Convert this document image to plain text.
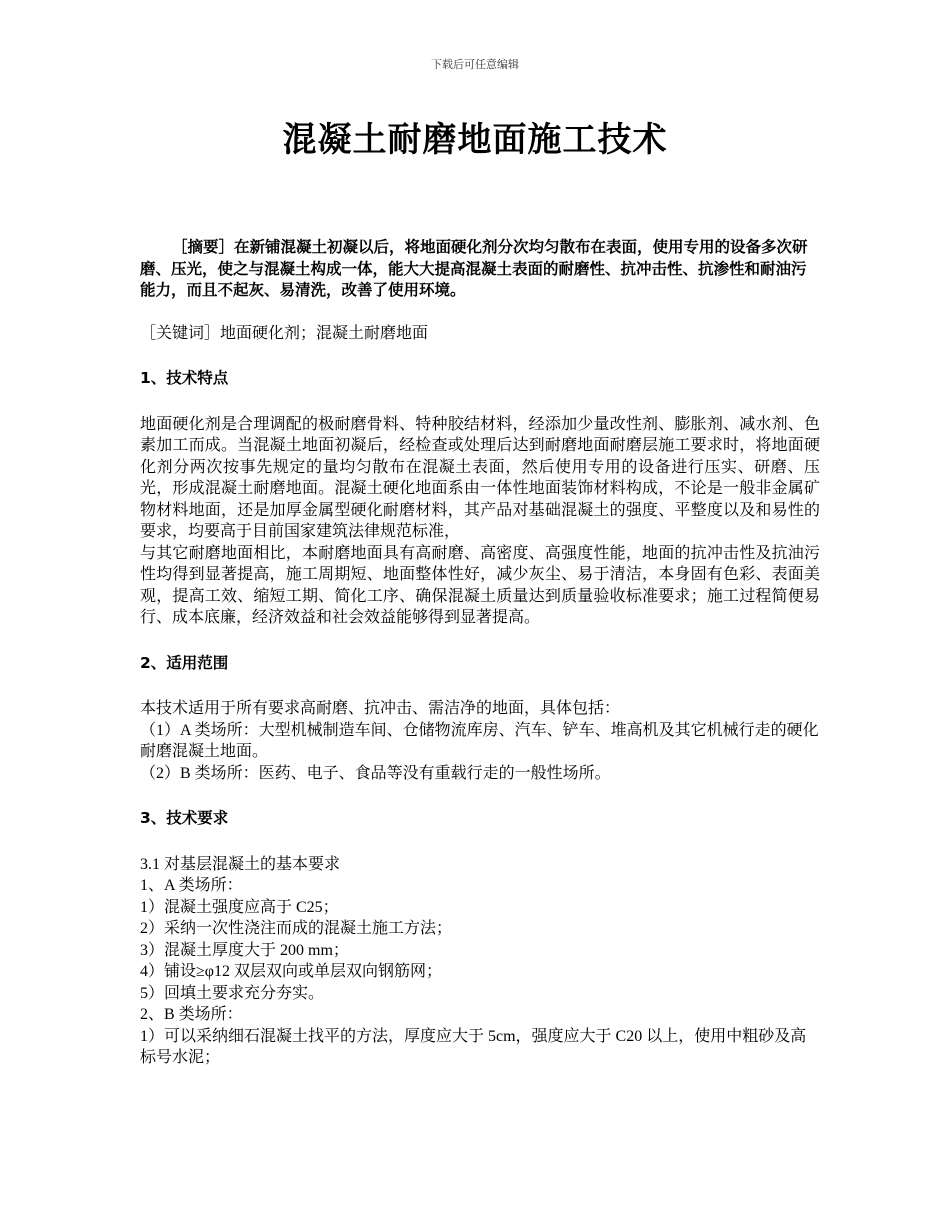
下载后可任意编辑
混凝土耐磨地面施工技术

［摘要］在新铺混凝土初凝以后，将地面硬化剂分次均匀散布在表面，使用专用的设备多次研磨、压光，使之与混凝土构成一体，能大大提高混凝土表面的耐磨性、抗冲击性、抗渗性和耐油污能力，而且不起灰、易清洗，改善了使用环境。

［关键词］地面硬化剂；混凝土耐磨地面

1、技术特点

地面硬化剂是合理调配的极耐磨骨料、特种胶结材料，经添加少量改性剂、膨胀剂、减水剂、色素加工而成。当混凝土地面初凝后，经检查或处理后达到耐磨地面耐磨层施工要求时，将地面硬化剂分两次按事先规定的量均匀散布在混凝土表面，然后使用专用的设备进行压实、研磨、压光，形成混凝土耐磨地面。混凝土硬化地面系由一体性地面装饰材料构成，不论是一般非金属矿物材料地面，还是加厚金属型硬化耐磨材料，其产品对基础混凝土的强度、平整度以及和易性的要求，均要高于目前国家建筑法律规范标准，

与其它耐磨地面相比，本耐磨地面具有高耐磨、高密度、高强度性能，地面的抗冲击性及抗油污性均得到显著提高，施工周期短、地面整体性好，减少灰尘、易于清洁，本身固有色彩、表面美观，提高工效、缩短工期、简化工序、确保混凝土质量达到质量验收标准要求；施工过程简便易行、成本底廉，经济效益和社会效益能够得到显著提高。

2、适用范围

本技术适用于所有要求高耐磨、抗冲击、需洁净的地面，具体包括：

（1）A 类场所：大型机械制造车间、仓储物流库房、汽车、铲车、堆高机及其它机械行走的硬化耐磨混凝土地面。

（2）B 类场所：医药、电子、食品等没有重载行走的一般性场所。

3、技术要求

3.1 对基层混凝土的基本要求

1、A 类场所：

1）混凝土强度应高于 C25；

2）采纳一次性浇注而成的混凝土施工方法；

3）混凝土厚度大于 200 mm；

4）铺设≥φ12 双层双向或单层双向钢筋网；

5）回填土要求充分夯实。

2、B 类场所：

1）可以采纳细石混凝土找平的方法，厚度应大于 5cm，强度应大于 C20 以上，使用中粗砂及高标号水泥；
